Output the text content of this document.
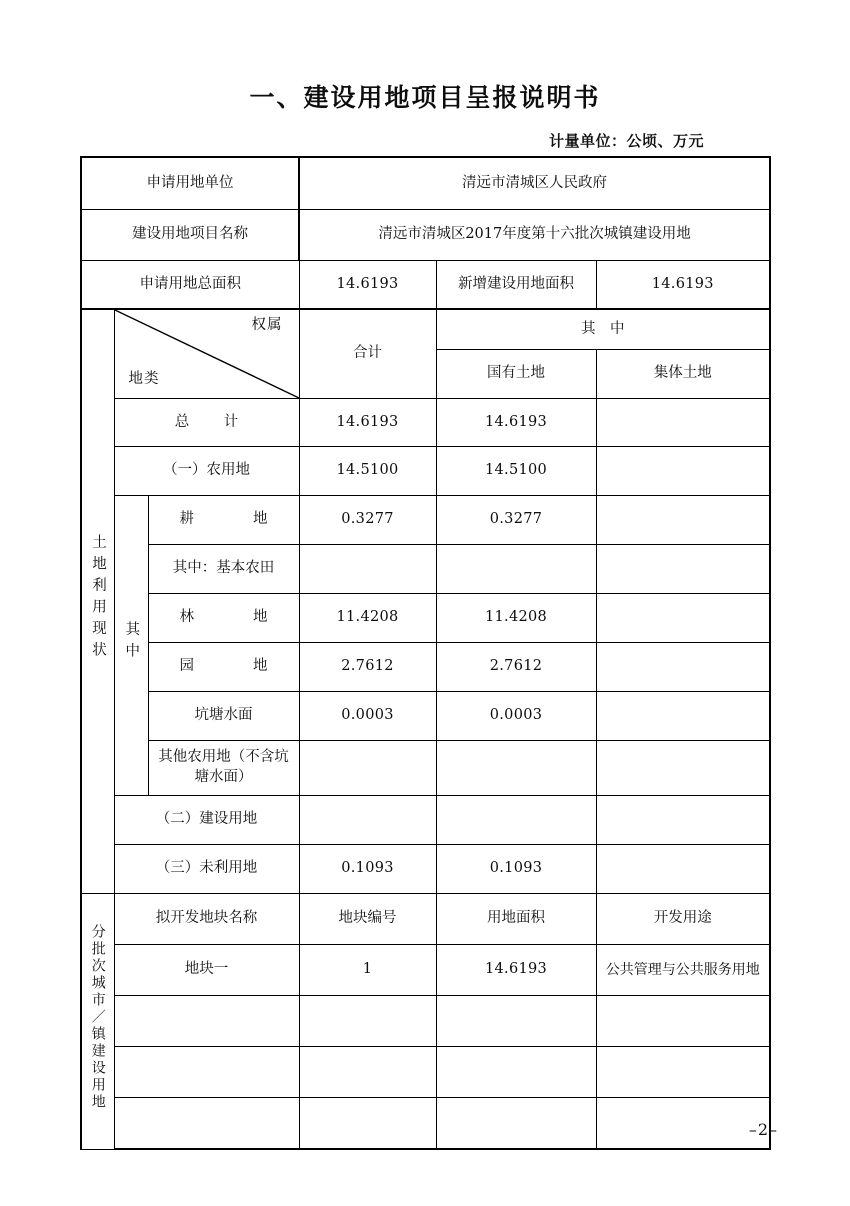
一、建设用地项目呈报说明书
计量单位：公顷、万元
申请用地单位			清远市清城区人民政府		
建设用地项目名称			清远市清城区2017年度第十六批次城镇建设用地		
申请用地总面积			14.6193	新增建设用地面积	14.6193
土地利用现状	权属
地类		合计	其　中	
				国有土地	集体土地
	总　计		14.6193	14.6193	
	（一）农用地		14.5100	14.5100	
	其中	耕　　地	0.3277	0.3277	
		其中：基本农田			
		林　　地	11.4208	11.4208	
		园　　地	2.7612	2.7612	
		坑塘水面	0.0003	0.0003	
		其他农用地（不含坑塘水面）			
	（二）建设用地				
	（三）未利用地		0.1093	0.1093	
分批次城市／镇建设用地	拟开发地块名称		地块编号	用地面积	开发用途
	地块一		1	14.6193	公共管理与公共服务用地

–2–
